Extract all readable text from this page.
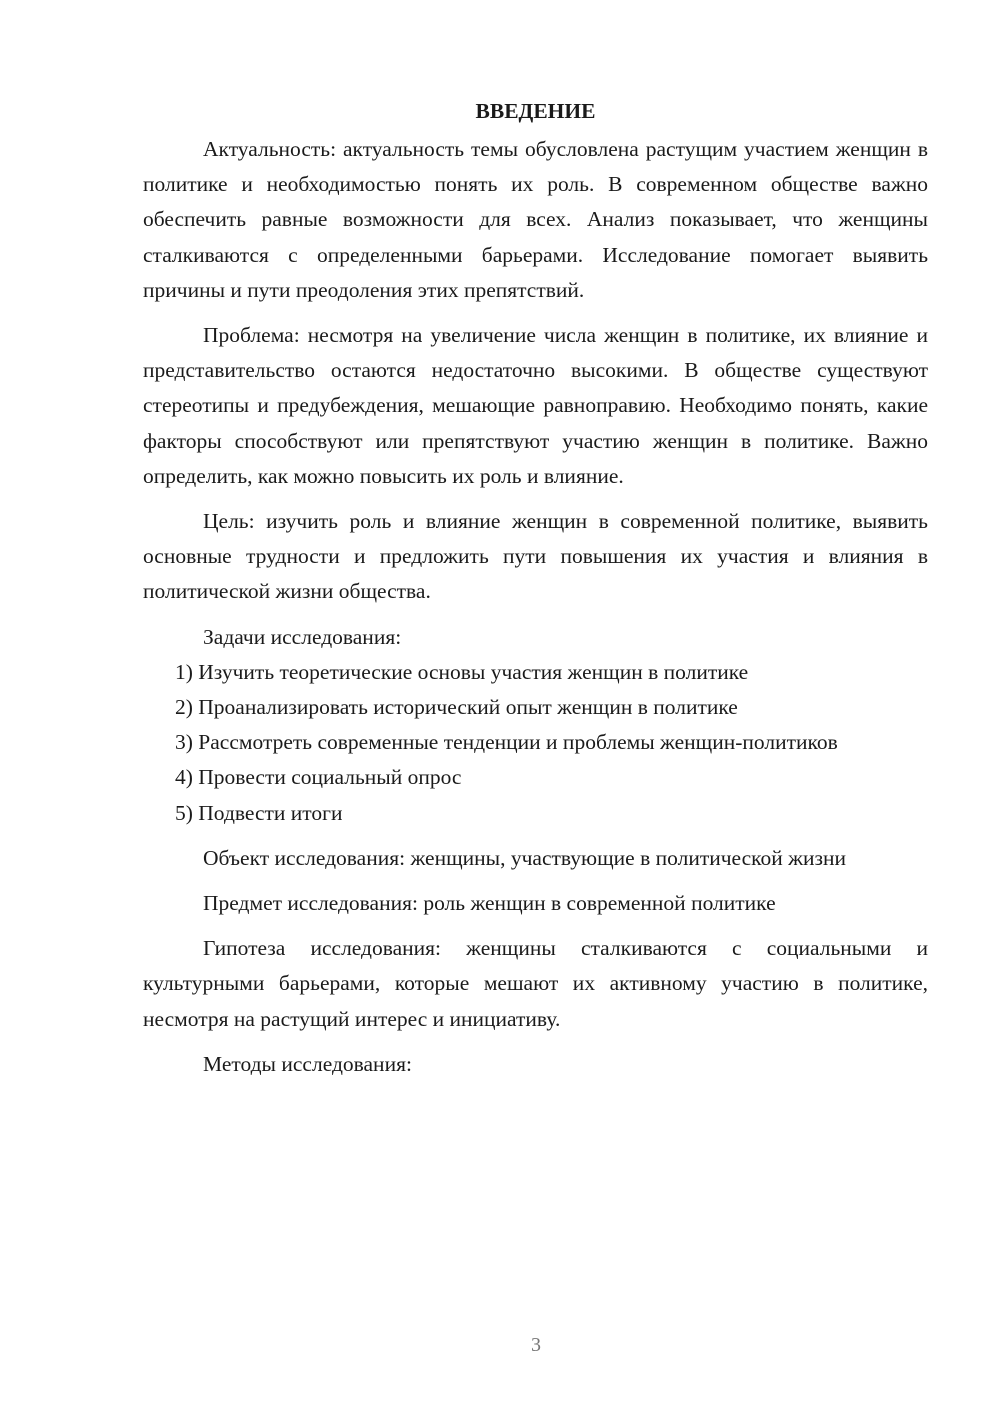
ВВЕДЕНИЕ

Актуальность: актуальность темы обусловлена растущим участием женщин в политике и необходимостью понять их роль. В современном обществе важно обеспечить равные возможности для всех. Анализ показывает, что женщины сталкиваются с определенными барьерами. Исследование помогает выявить причины и пути преодоления этих препятствий.

Проблема: несмотря на увеличение числа женщин в политике, их влияние и представительство остаются недостаточно высокими. В обществе существуют стереотипы и предубеждения, мешающие равноправию. Необходимо понять, какие факторы способствуют или препятствуют участию женщин в политике. Важно определить, как можно повысить их роль и влияние.

Цель: изучить роль и влияние женщин в современной политике, выявить основные трудности и предложить пути повышения их участия и влияния в политической жизни общества.

Задачи исследования:

1) Изучить теоретические основы участия женщин в политике

2) Проанализировать исторический опыт женщин в политике

3) Рассмотреть современные тенденции и проблемы женщин-политиков

4) Провести социальный опрос

5) Подвести итоги

Объект исследования: женщины, участвующие в политической жизни

Предмет исследования: роль женщин в современной политике

Гипотеза исследования: женщины сталкиваются с социальными и культурными барьерами, которые мешают их активному участию в политике, несмотря на растущий интерес и инициативу.

Методы исследования:

3
